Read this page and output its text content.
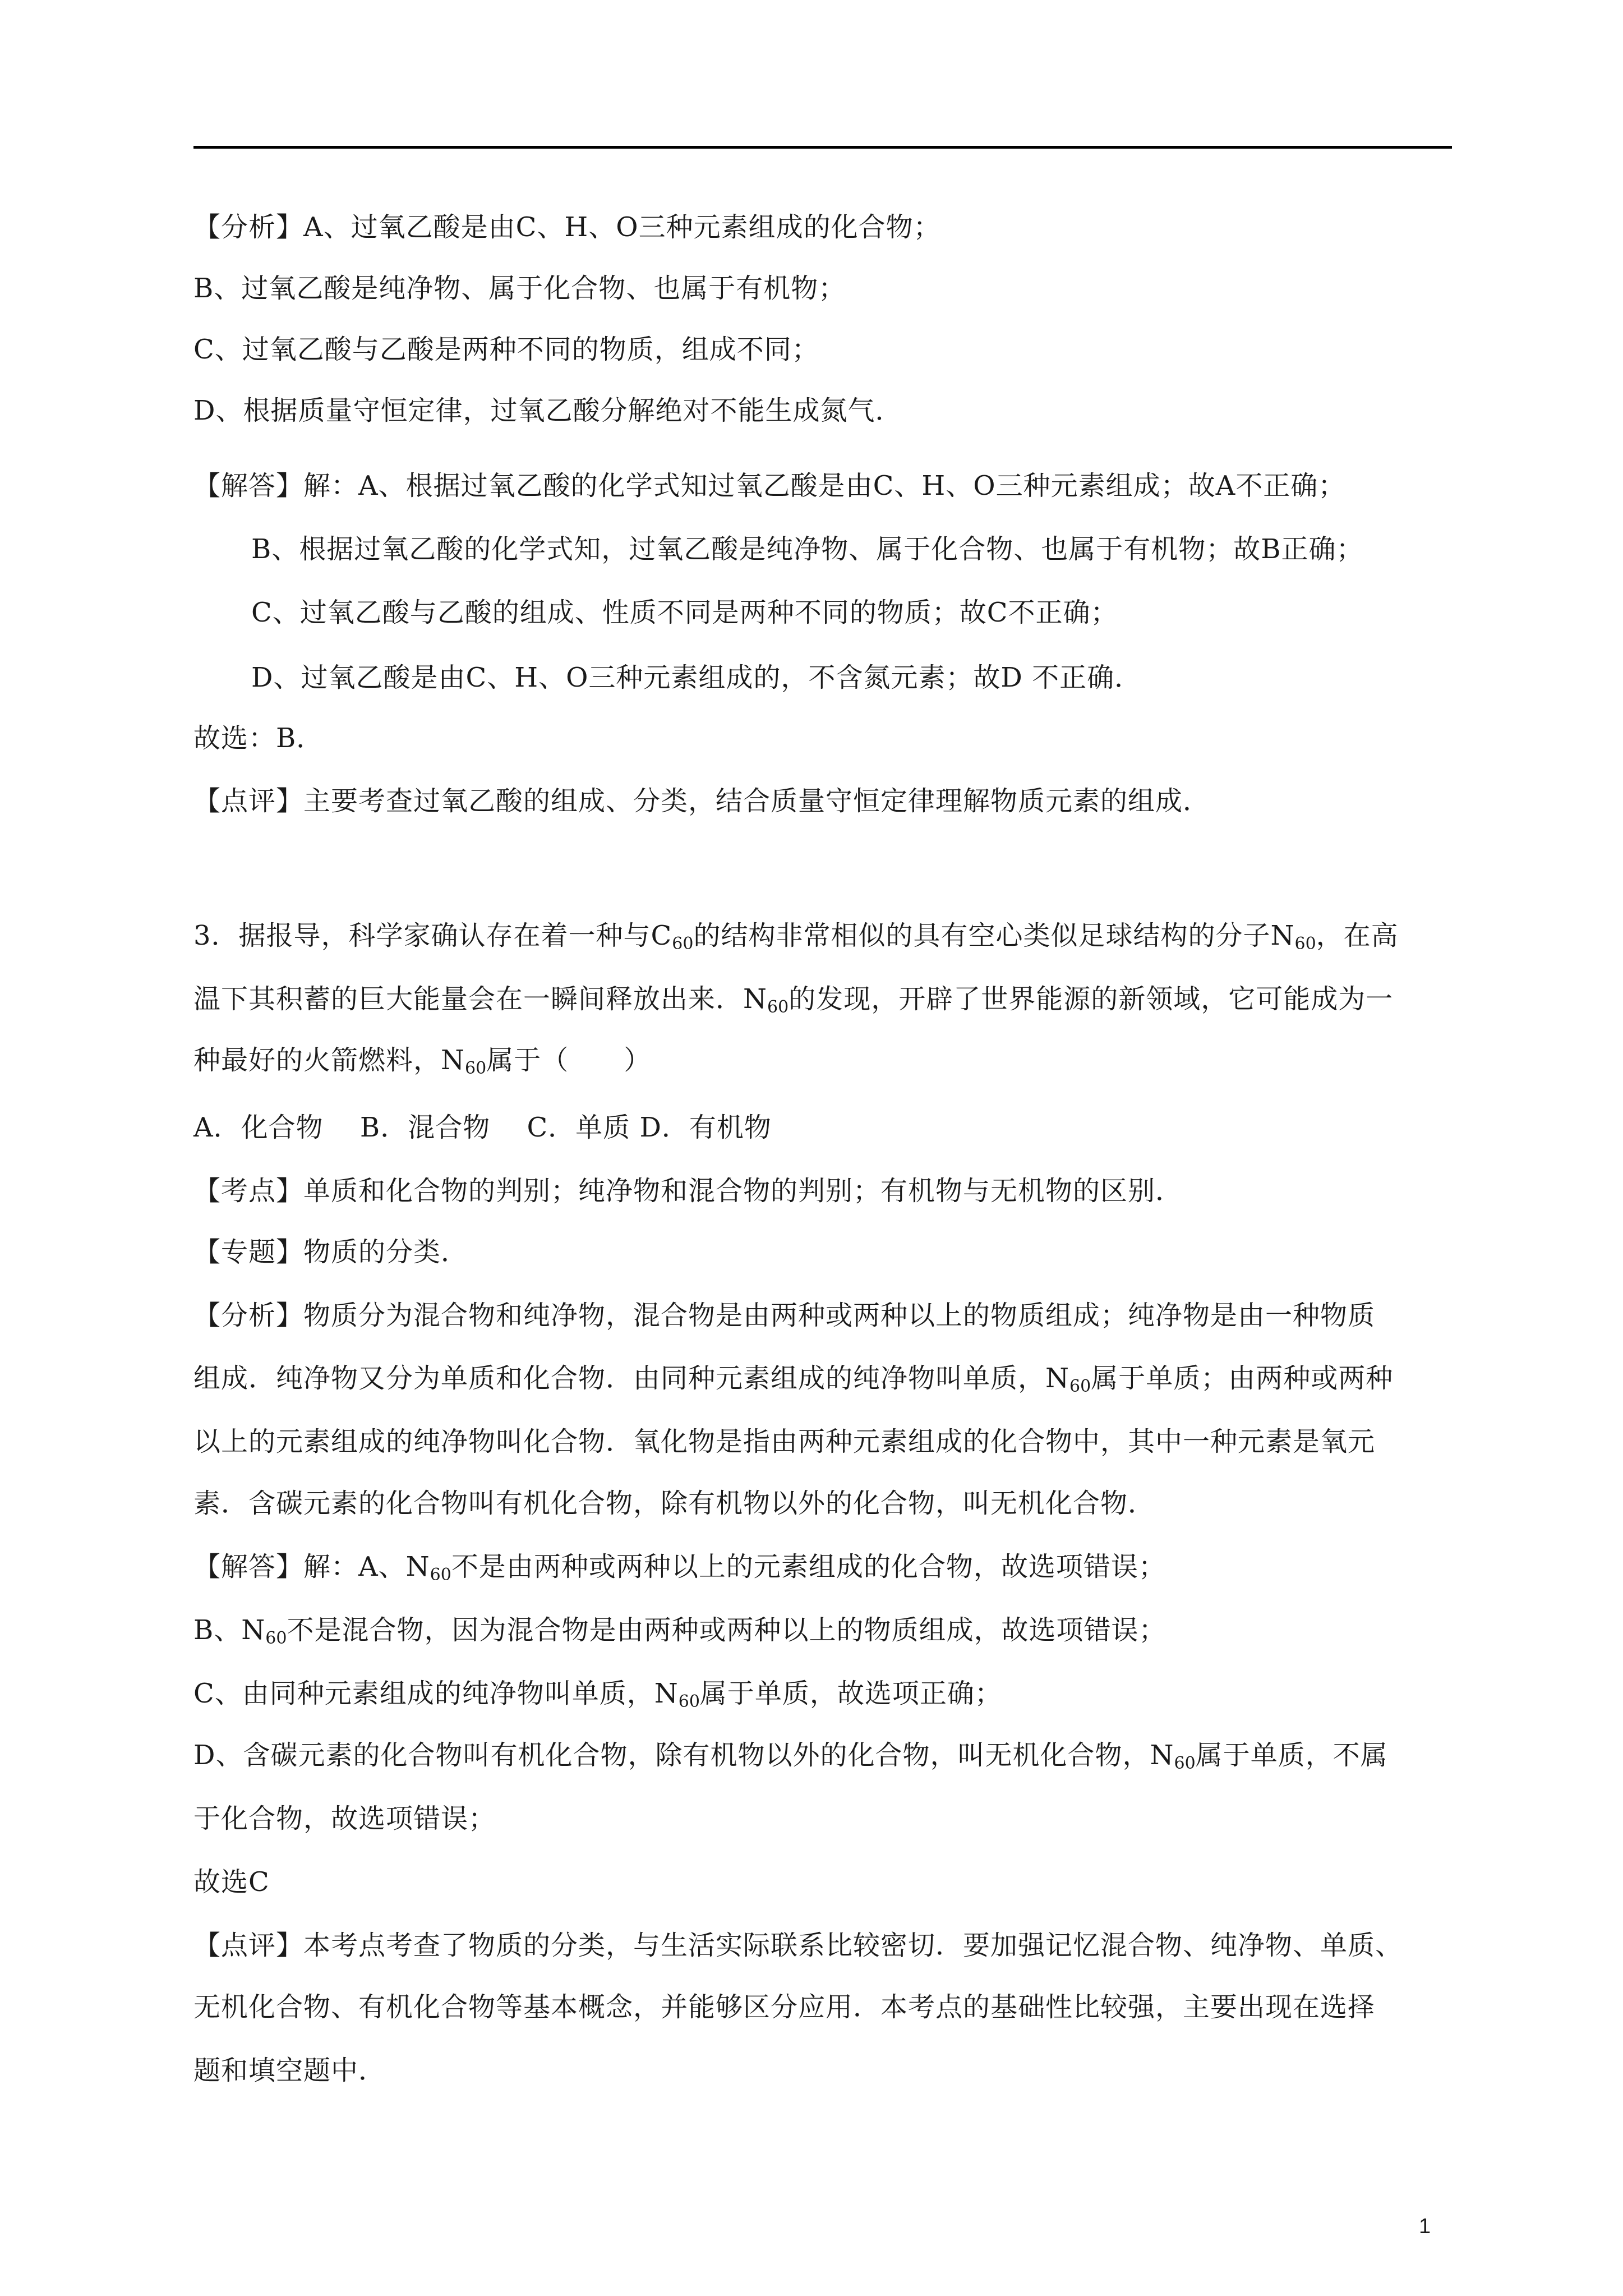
【分析】A、过氧乙酸是由C、H、O三种元素组成的化合物；
B、过氧乙酸是纯净物、属于化合物、也属于有机物；
C、过氧乙酸与乙酸是两种不同的物质，组成不同；
D、根据质量守恒定律，过氧乙酸分解绝对不能生成氮气．
【解答】解：A、根据过氧乙酸的化学式知过氧乙酸是由C、H、O三种元素组成；故A不正确；
B、根据过氧乙酸的化学式知，过氧乙酸是纯净物、属于化合物、也属于有机物；故B正确；
C、过氧乙酸与乙酸的组成、性质不同是两种不同的物质；故C不正确；
D、过氧乙酸是由C、H、O三种元素组成的，不含氮元素；故D 不正确．
故选：B．
【点评】主要考查过氧乙酸的组成、分类，结合质量守恒定律理解物质元素的组成．
3．据报导，科学家确认存在着一种与$C_{60}$的结构非常相似的具有空心类似足球结构的分子$N_{60}$，在高
温下其积蓄的巨大能量会在一瞬间释放出来．$N_{60}$的发现，开辟了世界能源的新领域，它可能成为一
种最好的火箭燃料，$N_{60}$属于（　　）
A．化合物　 B．混合物　 C．单质 D．有机物
【考点】单质和化合物的判别；纯净物和混合物的判别；有机物与无机物的区别．
【专题】物质的分类．
【分析】物质分为混合物和纯净物，混合物是由两种或两种以上的物质组成；纯净物是由一种物质
组成．纯净物又分为单质和化合物．由同种元素组成的纯净物叫单质，$N_{60}$属于单质；由两种或两种
以上的元素组成的纯净物叫化合物．氧化物是指由两种元素组成的化合物中，其中一种元素是氧元
素．含碳元素的化合物叫有机化合物，除有机物以外的化合物，叫无机化合物．
【解答】解：A、$N_{60}$不是由两种或两种以上的元素组成的化合物，故选项错误；
B、$N_{60}$不是混合物，因为混合物是由两种或两种以上的物质组成，故选项错误；
C、由同种元素组成的纯净物叫单质，$N_{60}$属于单质，故选项正确；
D、含碳元素的化合物叫有机化合物，除有机物以外的化合物，叫无机化合物，$N_{60}$属于单质，不属
于化合物，故选项错误；
故选C
【点评】本考点考查了物质的分类，与生活实际联系比较密切．要加强记忆混合物、纯净物、单质、
无机化合物、有机化合物等基本概念，并能够区分应用．本考点的基础性比较强，主要出现在选择
题和填空题中．
1
